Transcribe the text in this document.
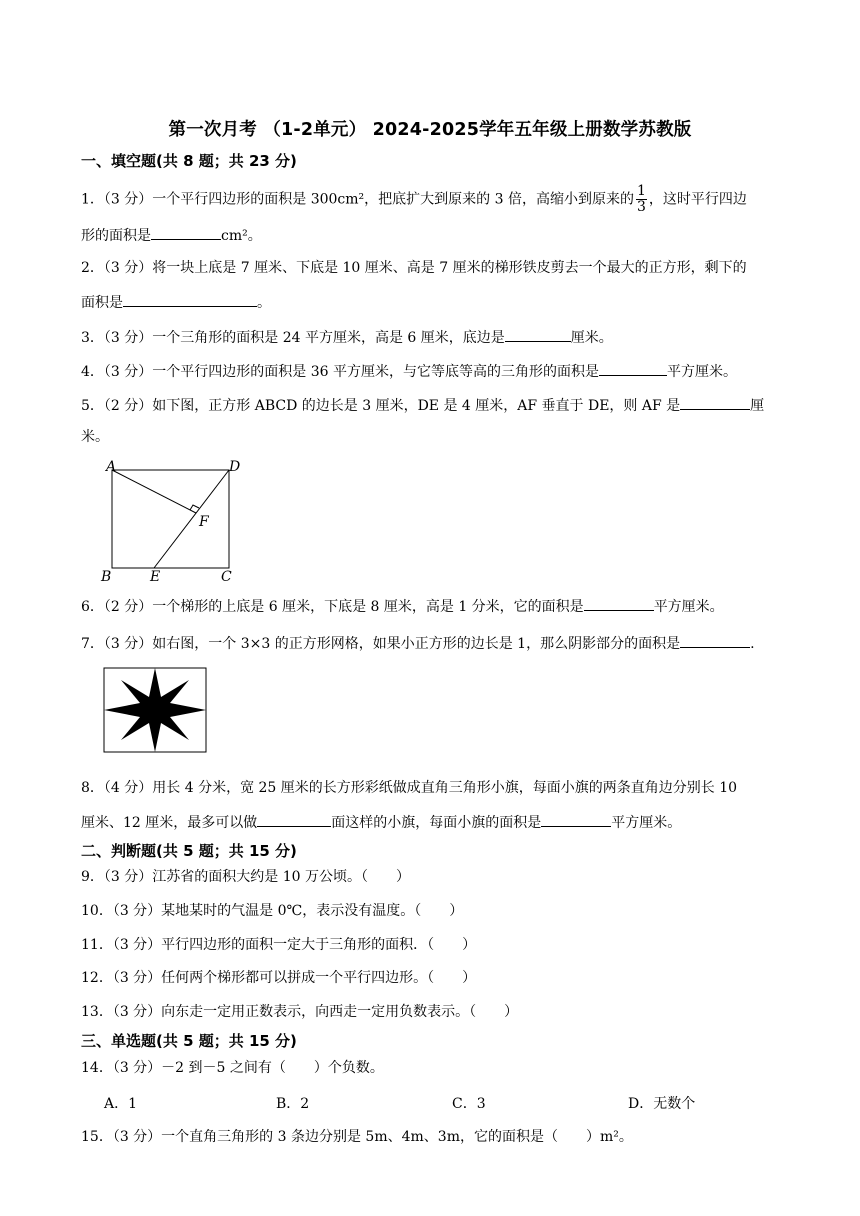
第一次月考 （1-2单元） 2024-2025学年五年级上册数学苏教版
一、填空题(共 8 题；共 23 分)
1．（3 分）一个平行四边形的面积是 300cm²，把底扩大到原来的 3 倍，高缩小到原来的 $\frac{1}{3}$ ，这时平行四边
形的面积是	cm²。
2．（3 分）将一块上底是 7 厘米、下底是 10 厘米、高是 7 厘米的梯形铁皮剪去一个最大的正方形，剩下的
面积是	。
3．（3 分）一个三角形的面积是 24 平方厘米，高是 6 厘米，底边是	厘米。
4．（3 分）一个平行四边形的面积是 36 平方厘米，与它等底等高的三角形的面积是	平方厘米。
5．（2 分）如下图，正方形 ABCD 的边长是 3 厘米，DE 是 4 厘米，AF 垂直于 DE，则 AF 是	厘
米。
A	D
F
B	E	C
6．（2 分）一个梯形的上底是 6 厘米，下底是 8 厘米，高是 1 分米，它的面积是	平方厘米。
7．（3 分）如右图，一个 3×3 的正方形网格，如果小正方形的边长是 1，那么阴影部分的面积是	.
8．（4 分）用长 4 分米，宽 25 厘米的长方形彩纸做成直角三角形小旗，每面小旗的两条直角边分别长 10
厘米、12 厘米，最多可以做	面这样的小旗，每面小旗的面积是	平方厘米。
二、判断题(共 5 题；共 15 分)
9．（3 分）江苏省的面积大约是 10 万公顷。（　　）
10．（3 分）某地某时的气温是 0℃，表示没有温度。（　　）
11．（3 分）平行四边形的面积一定大于三角形的面积．（　　）
12．（3 分）任何两个梯形都可以拼成一个平行四边形。（　　）
13．（3 分）向东走一定用正数表示，向西走一定用负数表示。（　　）
三、单选题(共 5 题；共 15 分)
14．（3 分）－2 到－5 之间有（　　）个负数。
A．1	B．2	C．3	D．无数个
15．（3 分）一个直角三角形的 3 条边分别是 5m、4m、3m，它的面积是（　　）m²。
